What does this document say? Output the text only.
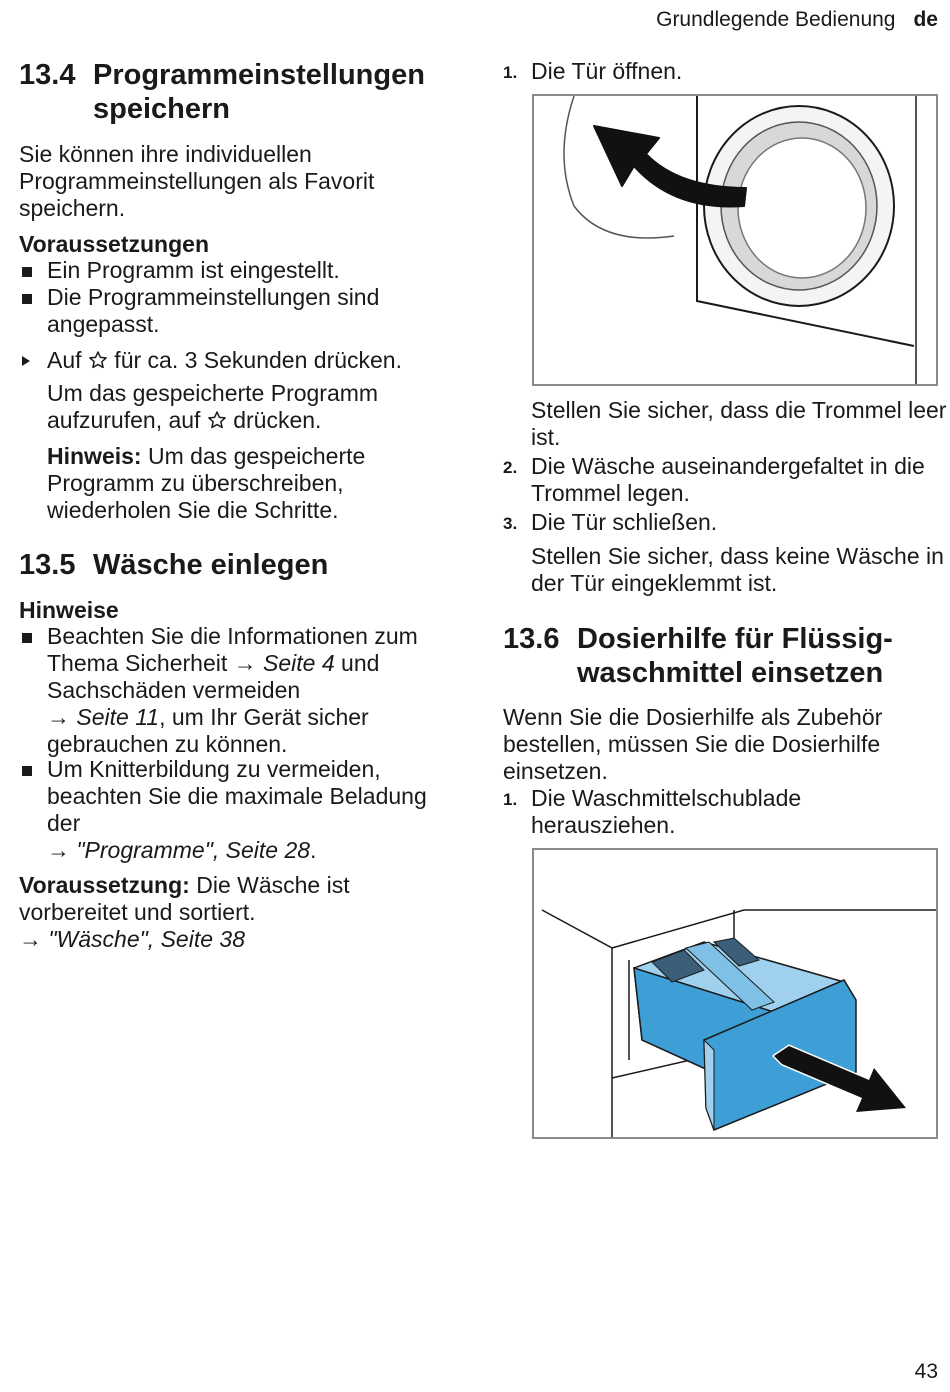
Grundlegende Bedienung de
13.4 Programmeinstellungen
speichern
Sie können ihre individuellen Programmeinstellungen als Favorit speichern.
Voraussetzungen
Ein Programm ist eingestellt.
Die Programmeinstellungen sind angepasst.
Auf  für ca. 3 Sekunden drücken.
Um das gespeicherte Programm aufzurufen, auf  drücken.
Hinweis: Um das gespeicherte Programm zu überschreiben, wiederholen Sie die Schritte.
13.5 Wäsche einlegen
Hinweise
Beachten Sie die Informationen zum Thema Sicherheit → Seite 4 und Sachschäden vermeiden
→ Seite 11, um Ihr Gerät sicher gebrauchen zu können.
Um Knitterbildung zu vermeiden, beachten Sie die maximale Beladung der
→ "Programme", Seite 28.
Voraussetzung: Die Wäsche ist vorbereitet und sortiert.
→ "Wäsche", Seite 38
1. Die Tür öffnen.
Stellen Sie sicher, dass die Trommel leer ist.
2. Die Wäsche auseinandergefaltet in die Trommel legen.
3. Die Tür schließen.
Stellen Sie sicher, dass keine Wäsche in der Tür eingeklemmt ist.
13.6 Dosierhilfe für Flüssig-
waschmittel einsetzen
Wenn Sie die Dosierhilfe als Zubehör bestellen, müssen Sie die Dosierhilfe einsetzen.
1. Die Waschmittelschublade herausziehen.
43
